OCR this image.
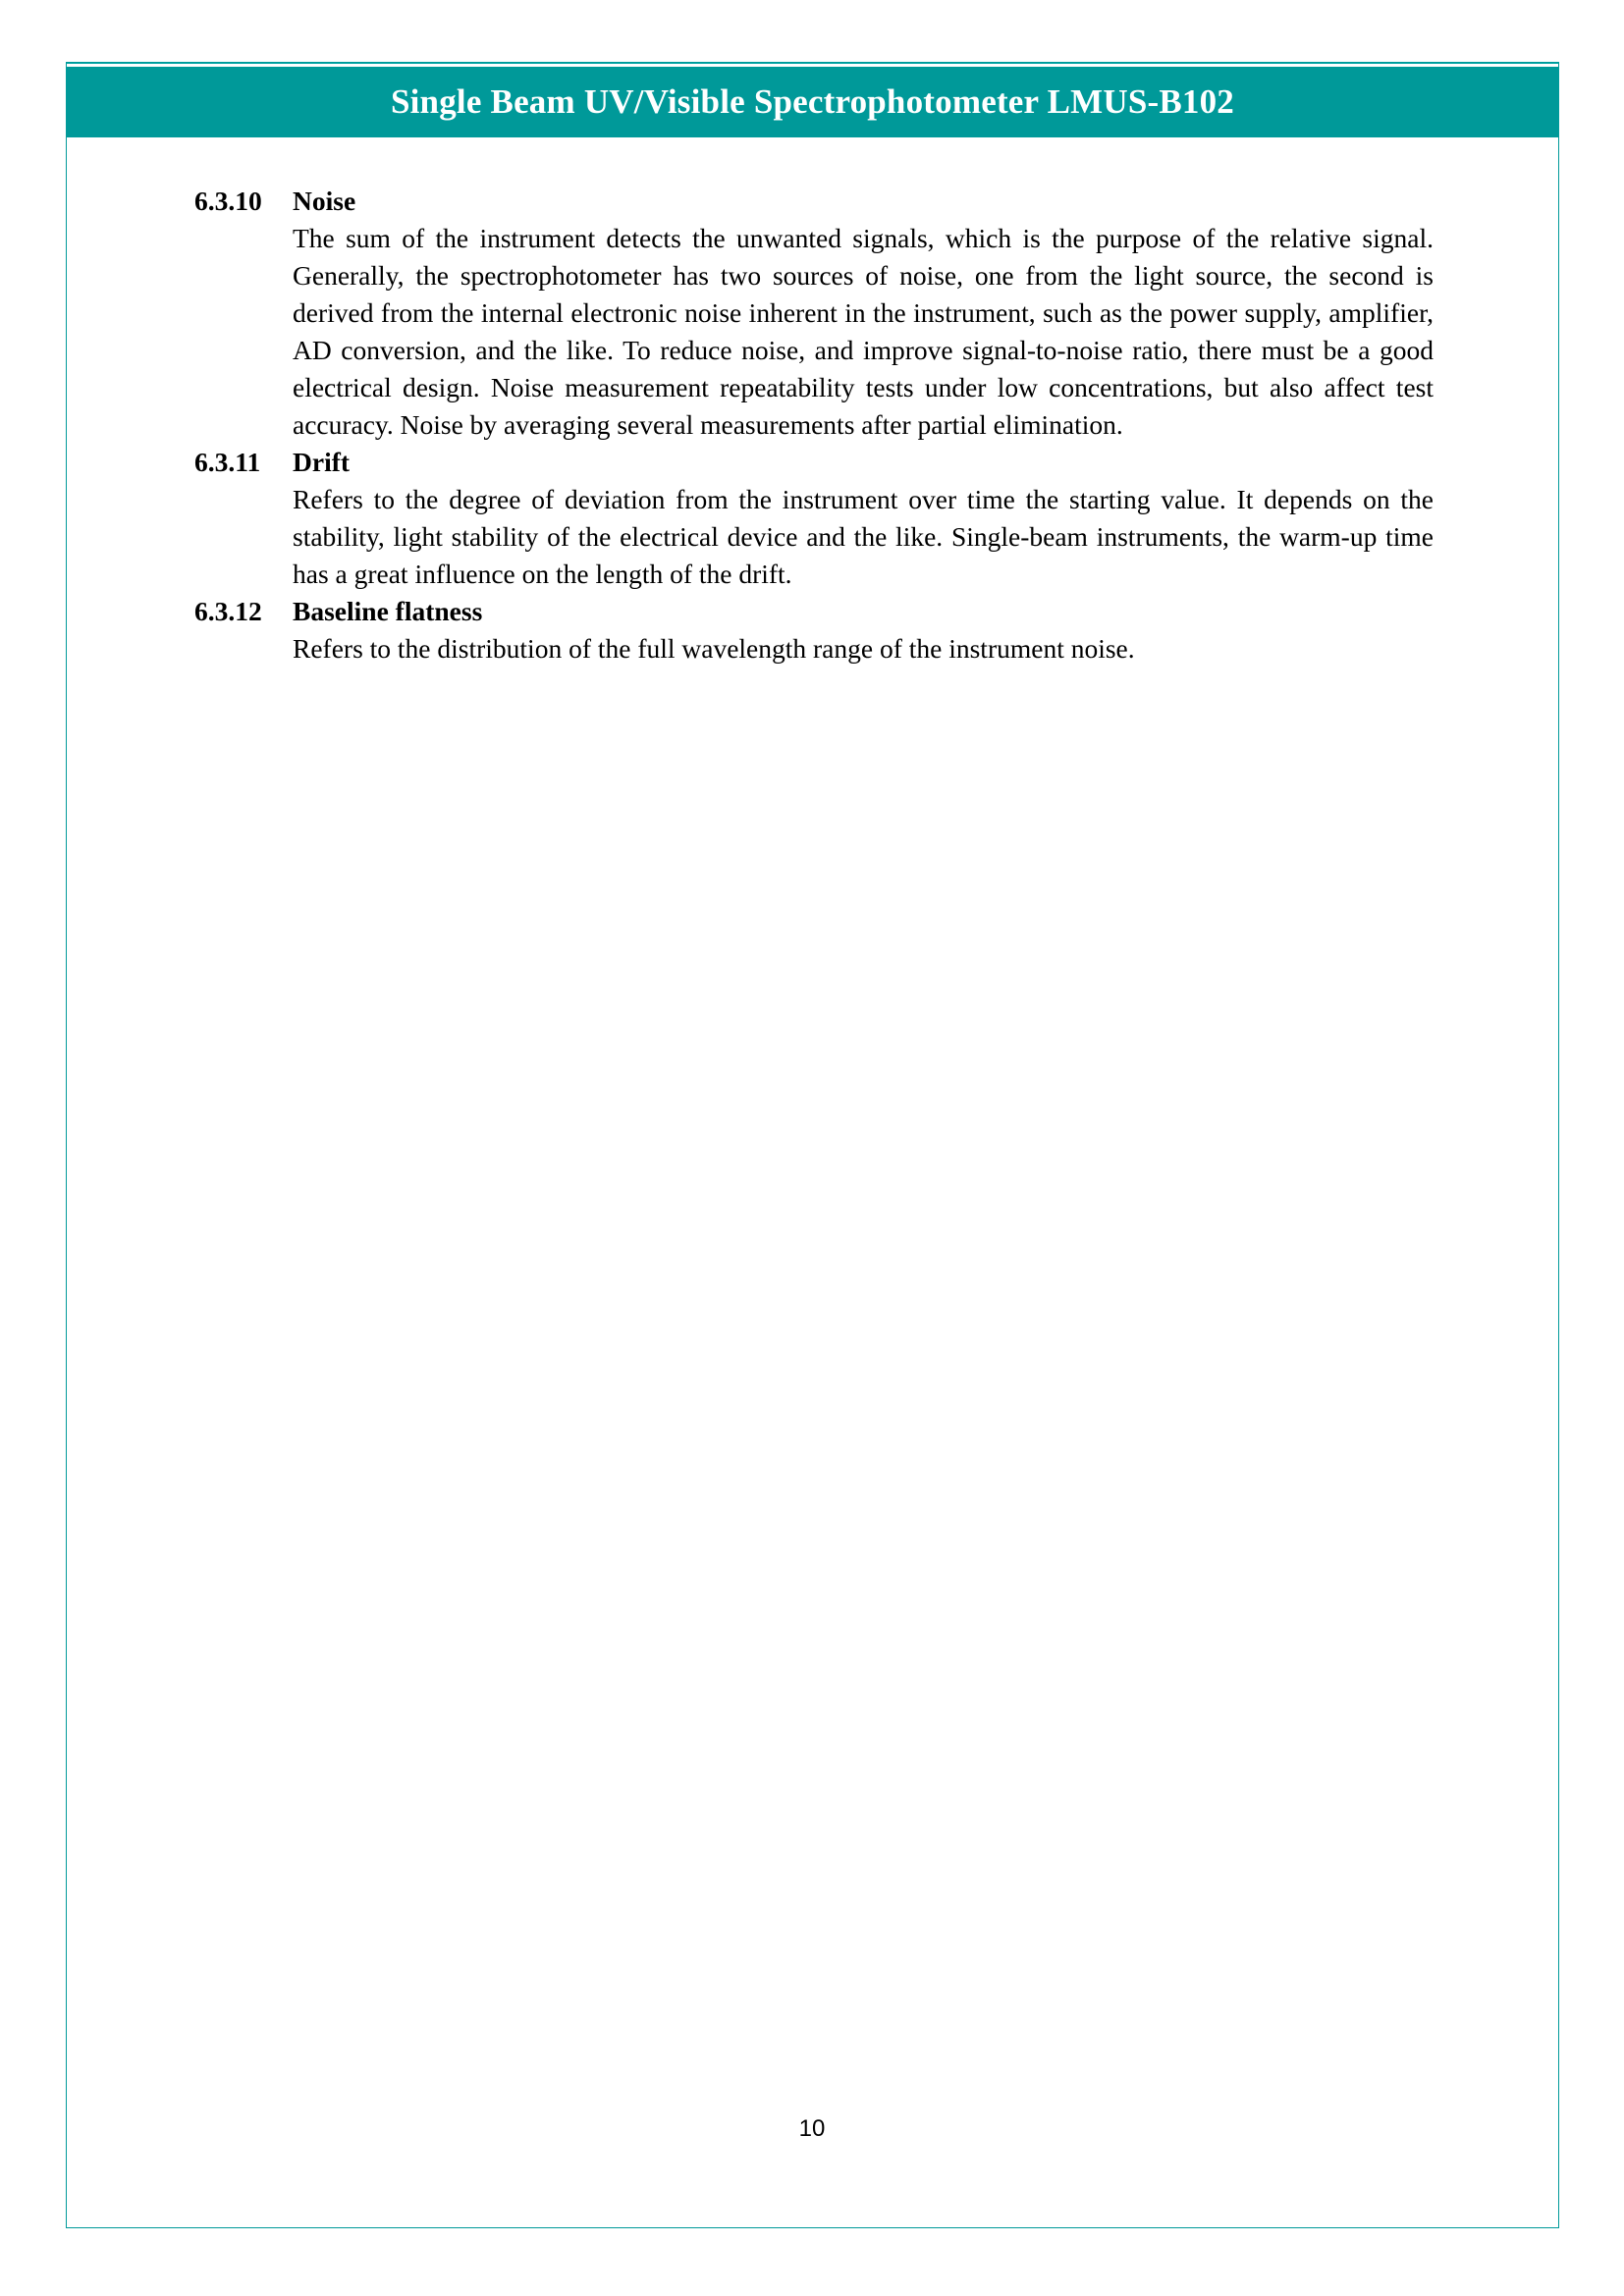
Single Beam UV/Visible Spectrophotometer LMUS-B102
6.3.10	Noise
The sum of the instrument detects the unwanted signals, which is the purpose of the relative signal. Generally, the spectrophotometer has two sources of noise, one from the light source, the second is derived from the internal electronic noise inherent in the instrument, such as the power supply, amplifier, AD conversion, and the like. To reduce noise, and improve signal-to-noise ratio, there must be a good electrical design. Noise measurement repeatability tests under low concentrations, but also affect test accuracy. Noise by averaging several measurements after partial elimination.
6.3.11	Drift
Refers to the degree of deviation from the instrument over time the starting value. It depends on the stability, light stability of the electrical device and the like. Single-beam instruments, the warm-up time has a great influence on the length of the drift.
6.3.12	Baseline flatness
Refers to the distribution of the full wavelength range of the instrument noise.
10
